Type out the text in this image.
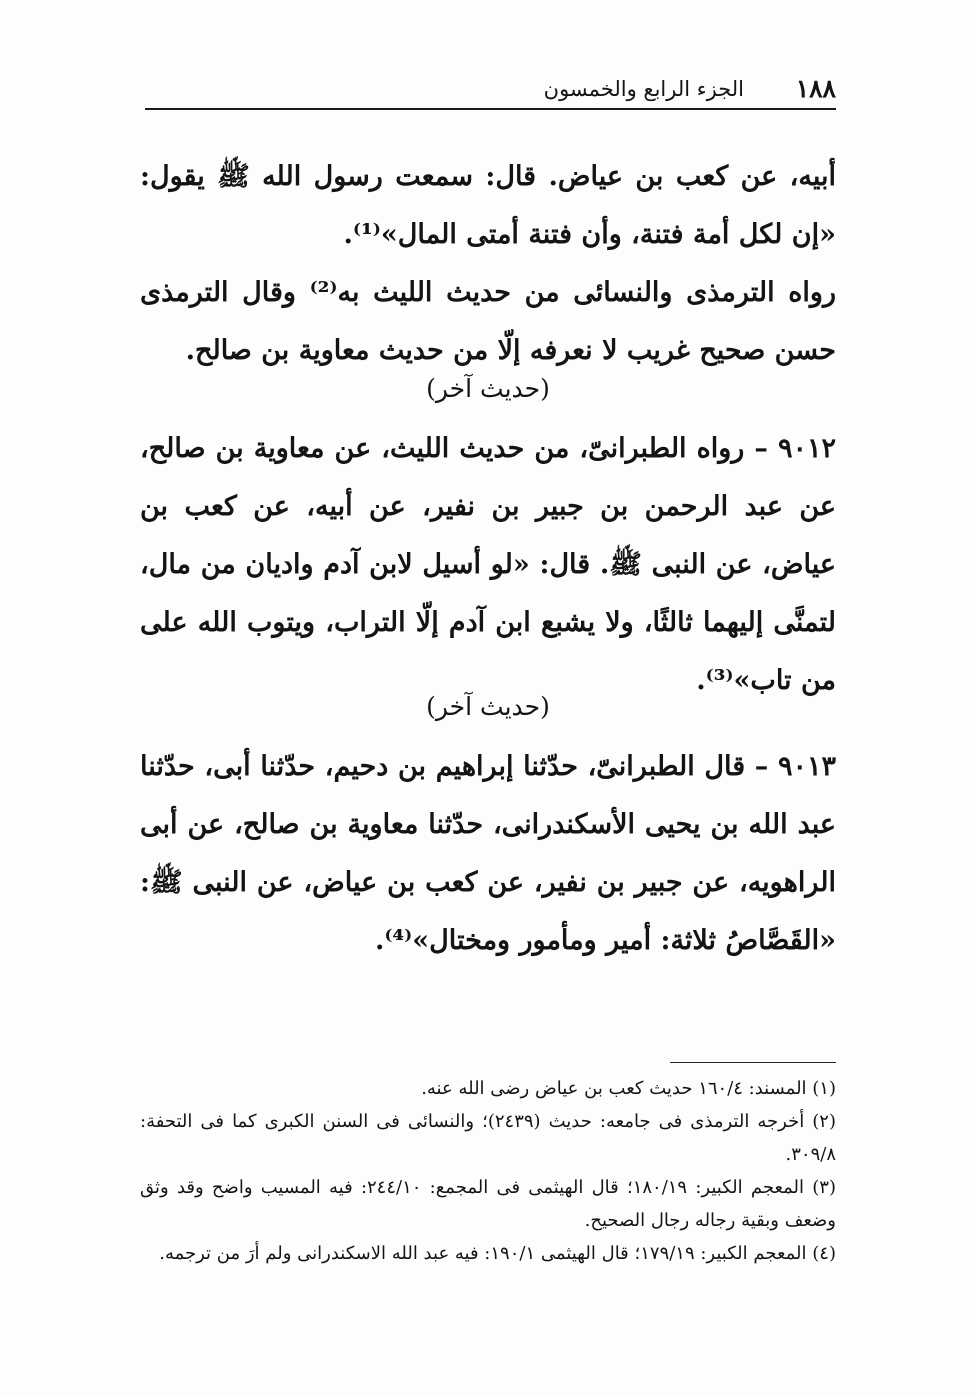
١٨٨
الجزء الرابع والخمسون

أبيه، عن كعب بن عياض. قال: سمعت رسول الله ﷺ يقول: «إن لكل أمة فتنة، وأن فتنة أمتى المال»⁽¹⁾.

رواه الترمذى والنسائى من حديث الليث به⁽²⁾ وقال الترمذى حسن صحيح غريب لا نعرفه إلّا من حديث معاوية بن صالح.

(حديث آخر)

٩٠١٢ – رواه الطبرانىّ، من حديث الليث، عن معاوية بن صالح، عن عبد الرحمن بن جبير بن نفير، عن أبيه، عن كعب بن عياض، عن النبى ﷺ. قال: «لو أسيل لابن آدم واديان من مال، لتمنَّى إليهما ثالثًا، ولا يشبع ابن آدم إلّا التراب، ويتوب الله على من تاب»⁽³⁾.

(حديث آخر)

٩٠١٣ – قال الطبرانىّ، حدّثنا إبراهيم بن دحيم، حدّثنا أبى، حدّثنا عبد الله بن يحيى الأسكندرانى، حدّثنا معاوية بن صالح، عن أبى الراهويه، عن جبير بن نفير، عن كعب بن عياض، عن النبى ﷺ: «القَصَّاصُ ثلاثة: أمير ومأمور ومختال»⁽⁴⁾.

(١) المسند: ١٦٠/٤ حديث كعب بن عياض رضى الله عنه.

(٢) أخرجه الترمذى فى جامعه: حديث (٢٤٣٩)؛ والنسائى فى السنن الكبرى كما فى التحفة: ٣٠٩/٨.

(٣) المعجم الكبير: ١٨٠/١٩؛ قال الهيثمى فى المجمع: ٢٤٤/١٠: فيه المسيب واضح وقد وثق وضعف وبقية رجاله رجال الصحيح.

(٤) المعجم الكبير: ١٧٩/١٩؛ قال الهيثمى ١٩٠/١: فيه عبد الله الاسكندرانى ولم أرَ من ترجمه.
